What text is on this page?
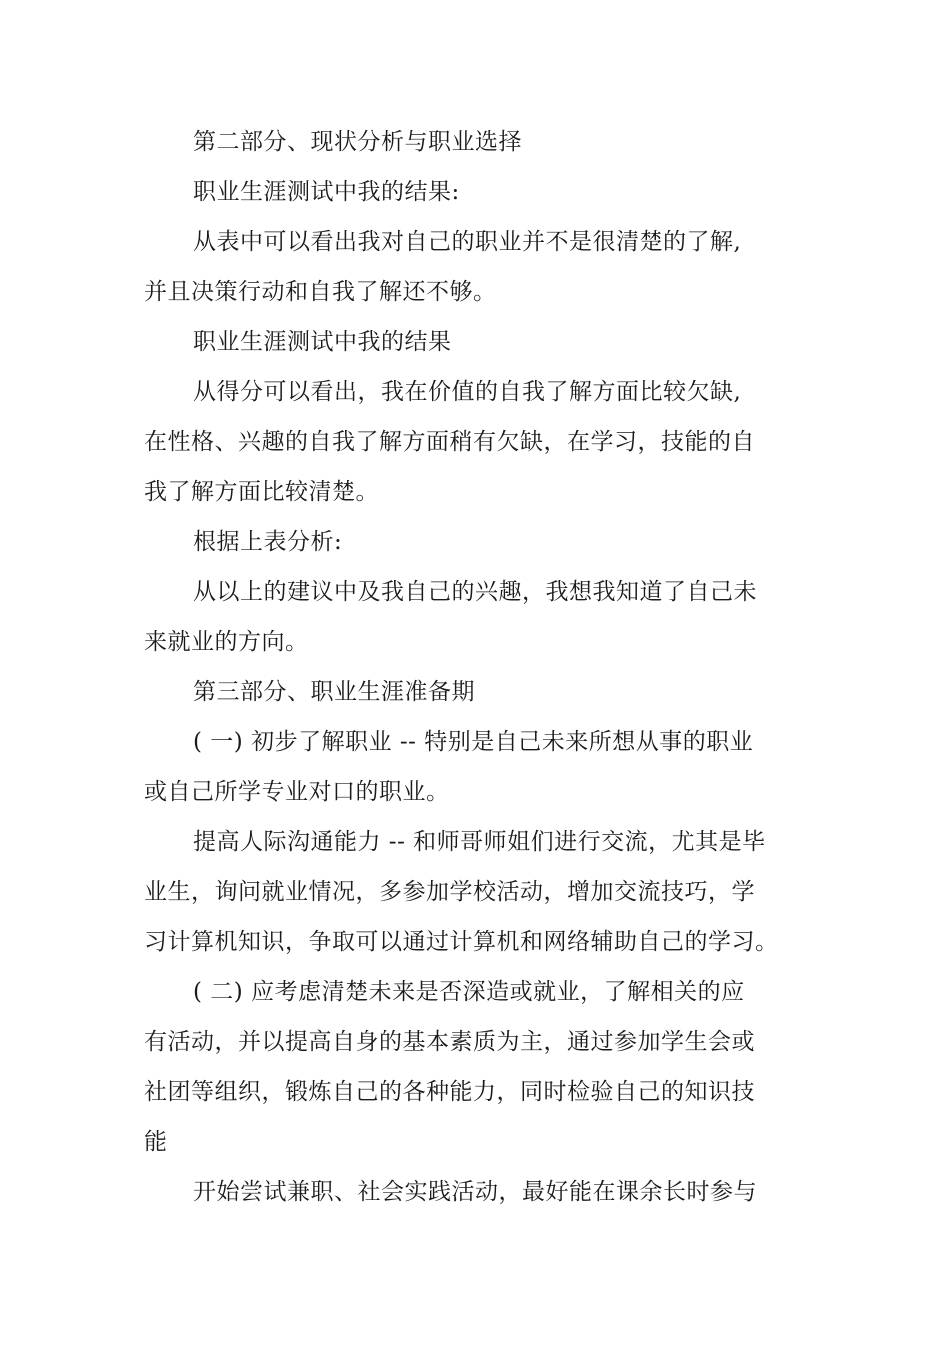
第二部分、现状分析与职业选择
职业生涯测试中我的结果:
从表中可以看出我对自己的职业并不是很清楚的了解,
并且决策行动和自我了解还不够。
职业生涯测试中我的结果
从得分可以看出，我在价值的自我了解方面比较欠缺,
在性格、兴趣的自我了解方面稍有欠缺，在学习，技能的自
我了解方面比较清楚。
根据上表分析:
从以上的建议中及我自己的兴趣，我想我知道了自己未
来就业的方向。
第三部分、职业生涯准备期
( 一) 初步了解职业 -- 特别是自己未来所想从事的职业
或自己所学专业对口的职业。
提高人际沟通能力 -- 和师哥师姐们进行交流，尤其是毕
业生，询问就业情况，多参加学校活动，增加交流技巧，学
习计算机知识，争取可以通过计算机和网络辅助自己的学习。
( 二) 应考虑清楚未来是否深造或就业，了解相关的应
有活动，并以提高自身的基本素质为主，通过参加学生会或
社团等组织，锻炼自己的各种能力，同时检验自己的知识技
能
开始尝试兼职、社会实践活动，最好能在课余长时参与
